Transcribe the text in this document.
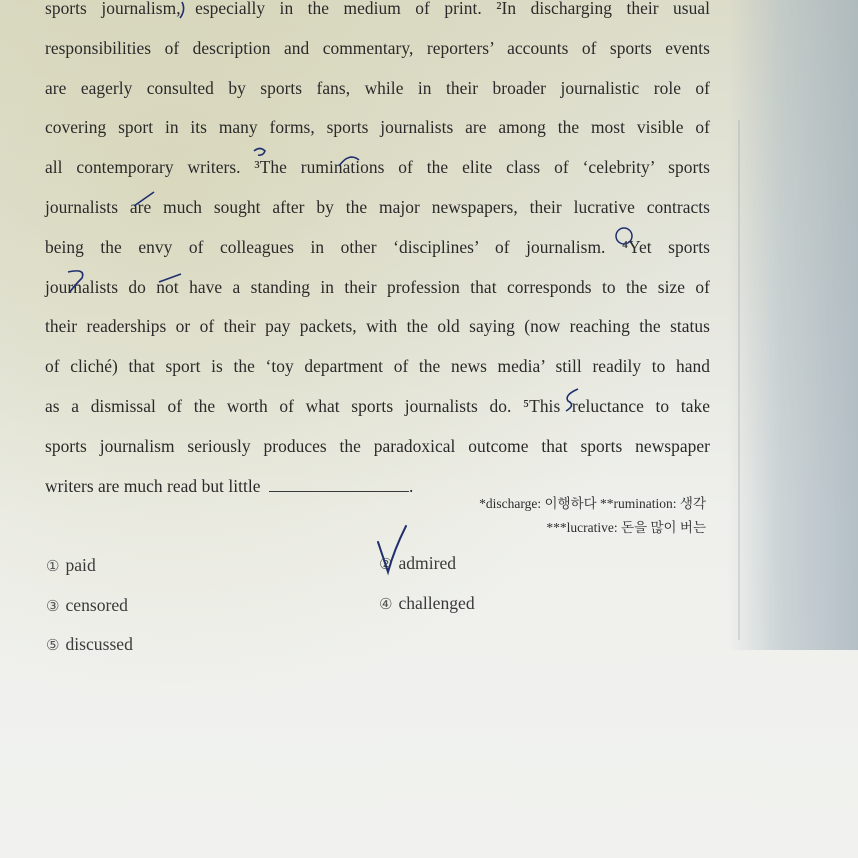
sports journalism, especially in the medium of print. ²In discharging their usual
responsibilities of description and commentary, reporters’ accounts of sports events
are eagerly consulted by sports fans, while in their broader journalistic role of
covering sport in its many forms, sports journalists are among the most visible of
all contemporary writers. ³The ruminations of the elite class of ‘celebrity’ sports
journalists are much sought after by the major newspapers, their lucrative contracts
being the envy of colleagues in other ‘disciplines’ of journalism. ⁴Yet sports
journalists do not have a standing in their profession that corresponds to the size of
their readerships or of their pay packets, with the old saying (now reaching the status
of cliché) that sport is the ‘toy department of the news media’ still readily to hand
as a dismissal of the worth of what sports journalists do. ⁵This reluctance to take
sports journalism seriously produces the paradoxical outcome that sports newspaper
writers are much read but little	.
*discharge: 이행하다 **rumination: 생각
***lucrative: 돈을 많이 버는
① paid	② admired
③ censored	④ challenged
⑤ discussed
